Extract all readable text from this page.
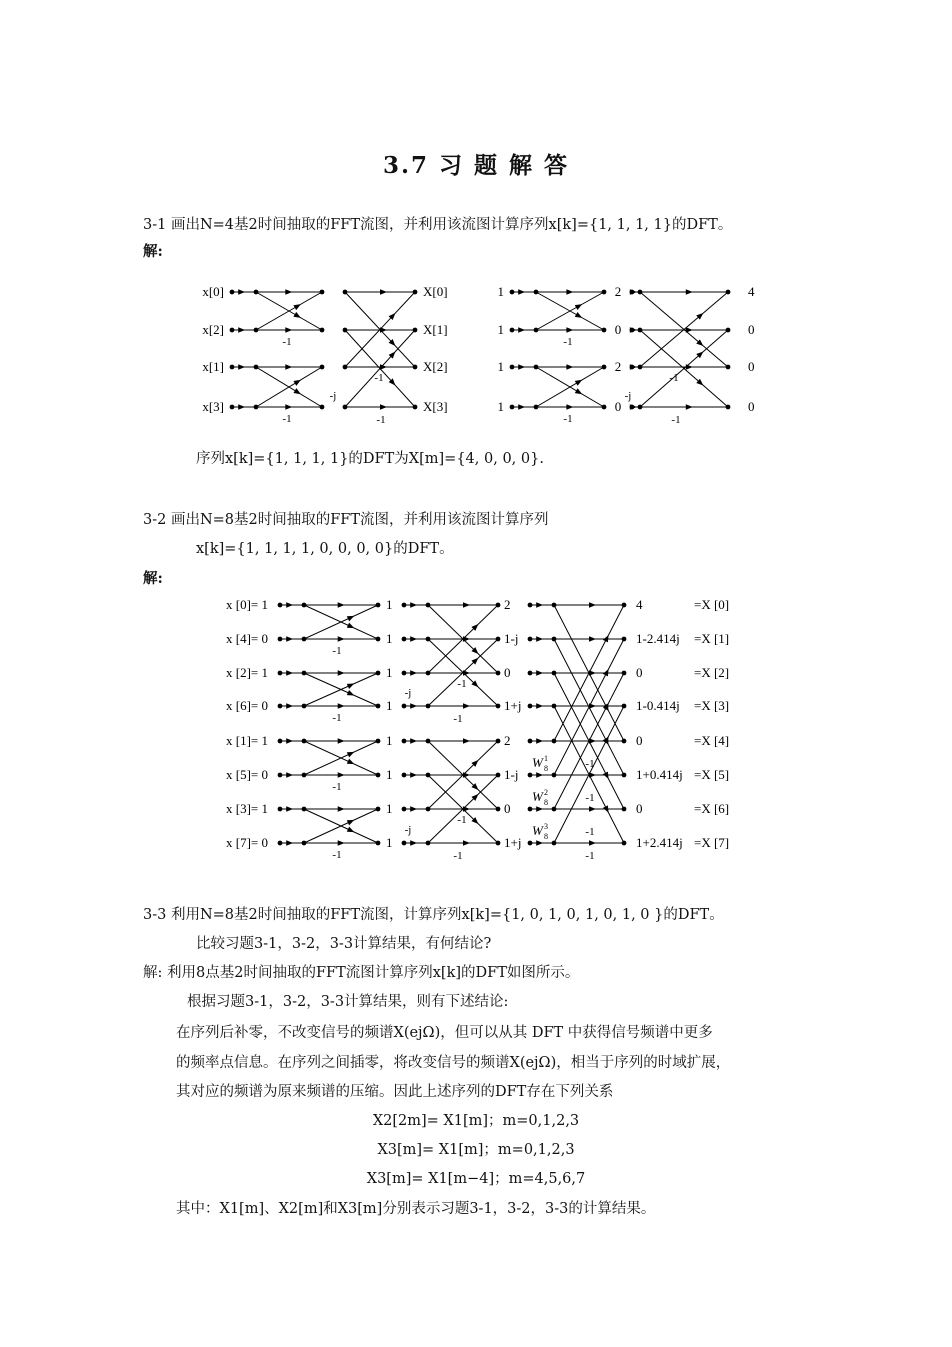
3.7 习 题 解 答
3-1 画出N=4基2时间抽取的FFT流图，并利用该流图计算序列x[k]={1, 1, 1, 1}的DFT。
解:
x[0]
x[2]
x[1]
x[3]
-1
-1
-j
-1
-1
X[0]
X[1]
X[2]
X[3]
1
1
1
1
-1
-1
2
0
2
0
-j
-1
-1
4
0
0
0
序列x[k]={1, 1, 1, 1}的DFT为X[m]={4, 0, 0, 0}.
3-2 画出N=8基2时间抽取的FFT流图，并利用该流图计算序列
x[k]={1, 1, 1, 1, 0, 0, 0, 0}的DFT。
解:
x [0]= 1
x [4]= 0
x [2]= 1
x [6]= 0
x [1]= 1
x [5]= 0
x [3]= 1
x [7]= 0
-1
-1
-1
-1
1
1
1
1
1
1
1
1
-j
-1
-1
-j
-1
-1
2
1-j
0
1+j
2
1-j
0
1+j
W 8
1
W 8
2
W 8
3
-1
-1
-1
-1
4
1-2.414j
0
1-0.414j
0
1+0.414j
0
1+2.414j
=X [0]
=X [1]
=X [2]
=X [3]
=X [4]
=X [5]
=X [6]
=X [7]
3-3 利用N=8基2时间抽取的FFT流图，计算序列x[k]={1, 0, 1, 0, 1, 0, 1, 0 }的DFT。
比较习题3-1，3-2，3-3计算结果，有何结论?
解: 利用8点基2时间抽取的FFT流图计算序列x[k]的DFT如图所示。
根据习题3-1，3-2，3-3计算结果，则有下述结论:
在序列后补零，不改变信号的频谱X(ejΩ)，但可以从其 DFT 中获得信号频谱中更多
的频率点信息。在序列之间插零，将改变信号的频谱X(ejΩ)，相当于序列的时域扩展，
其对应的频谱为原来频谱的压缩。因此上述序列的DFT存在下列关系
X2[2m]= X1[m]；m=0,1,2,3
X3[m]= X1[m]；m=0,1,2,3
X3[m]= X1[m−4]；m=4,5,6,7
其中：X1[m]、X2[m]和X3[m]分别表示习题3-1，3-2，3-3的计算结果。
